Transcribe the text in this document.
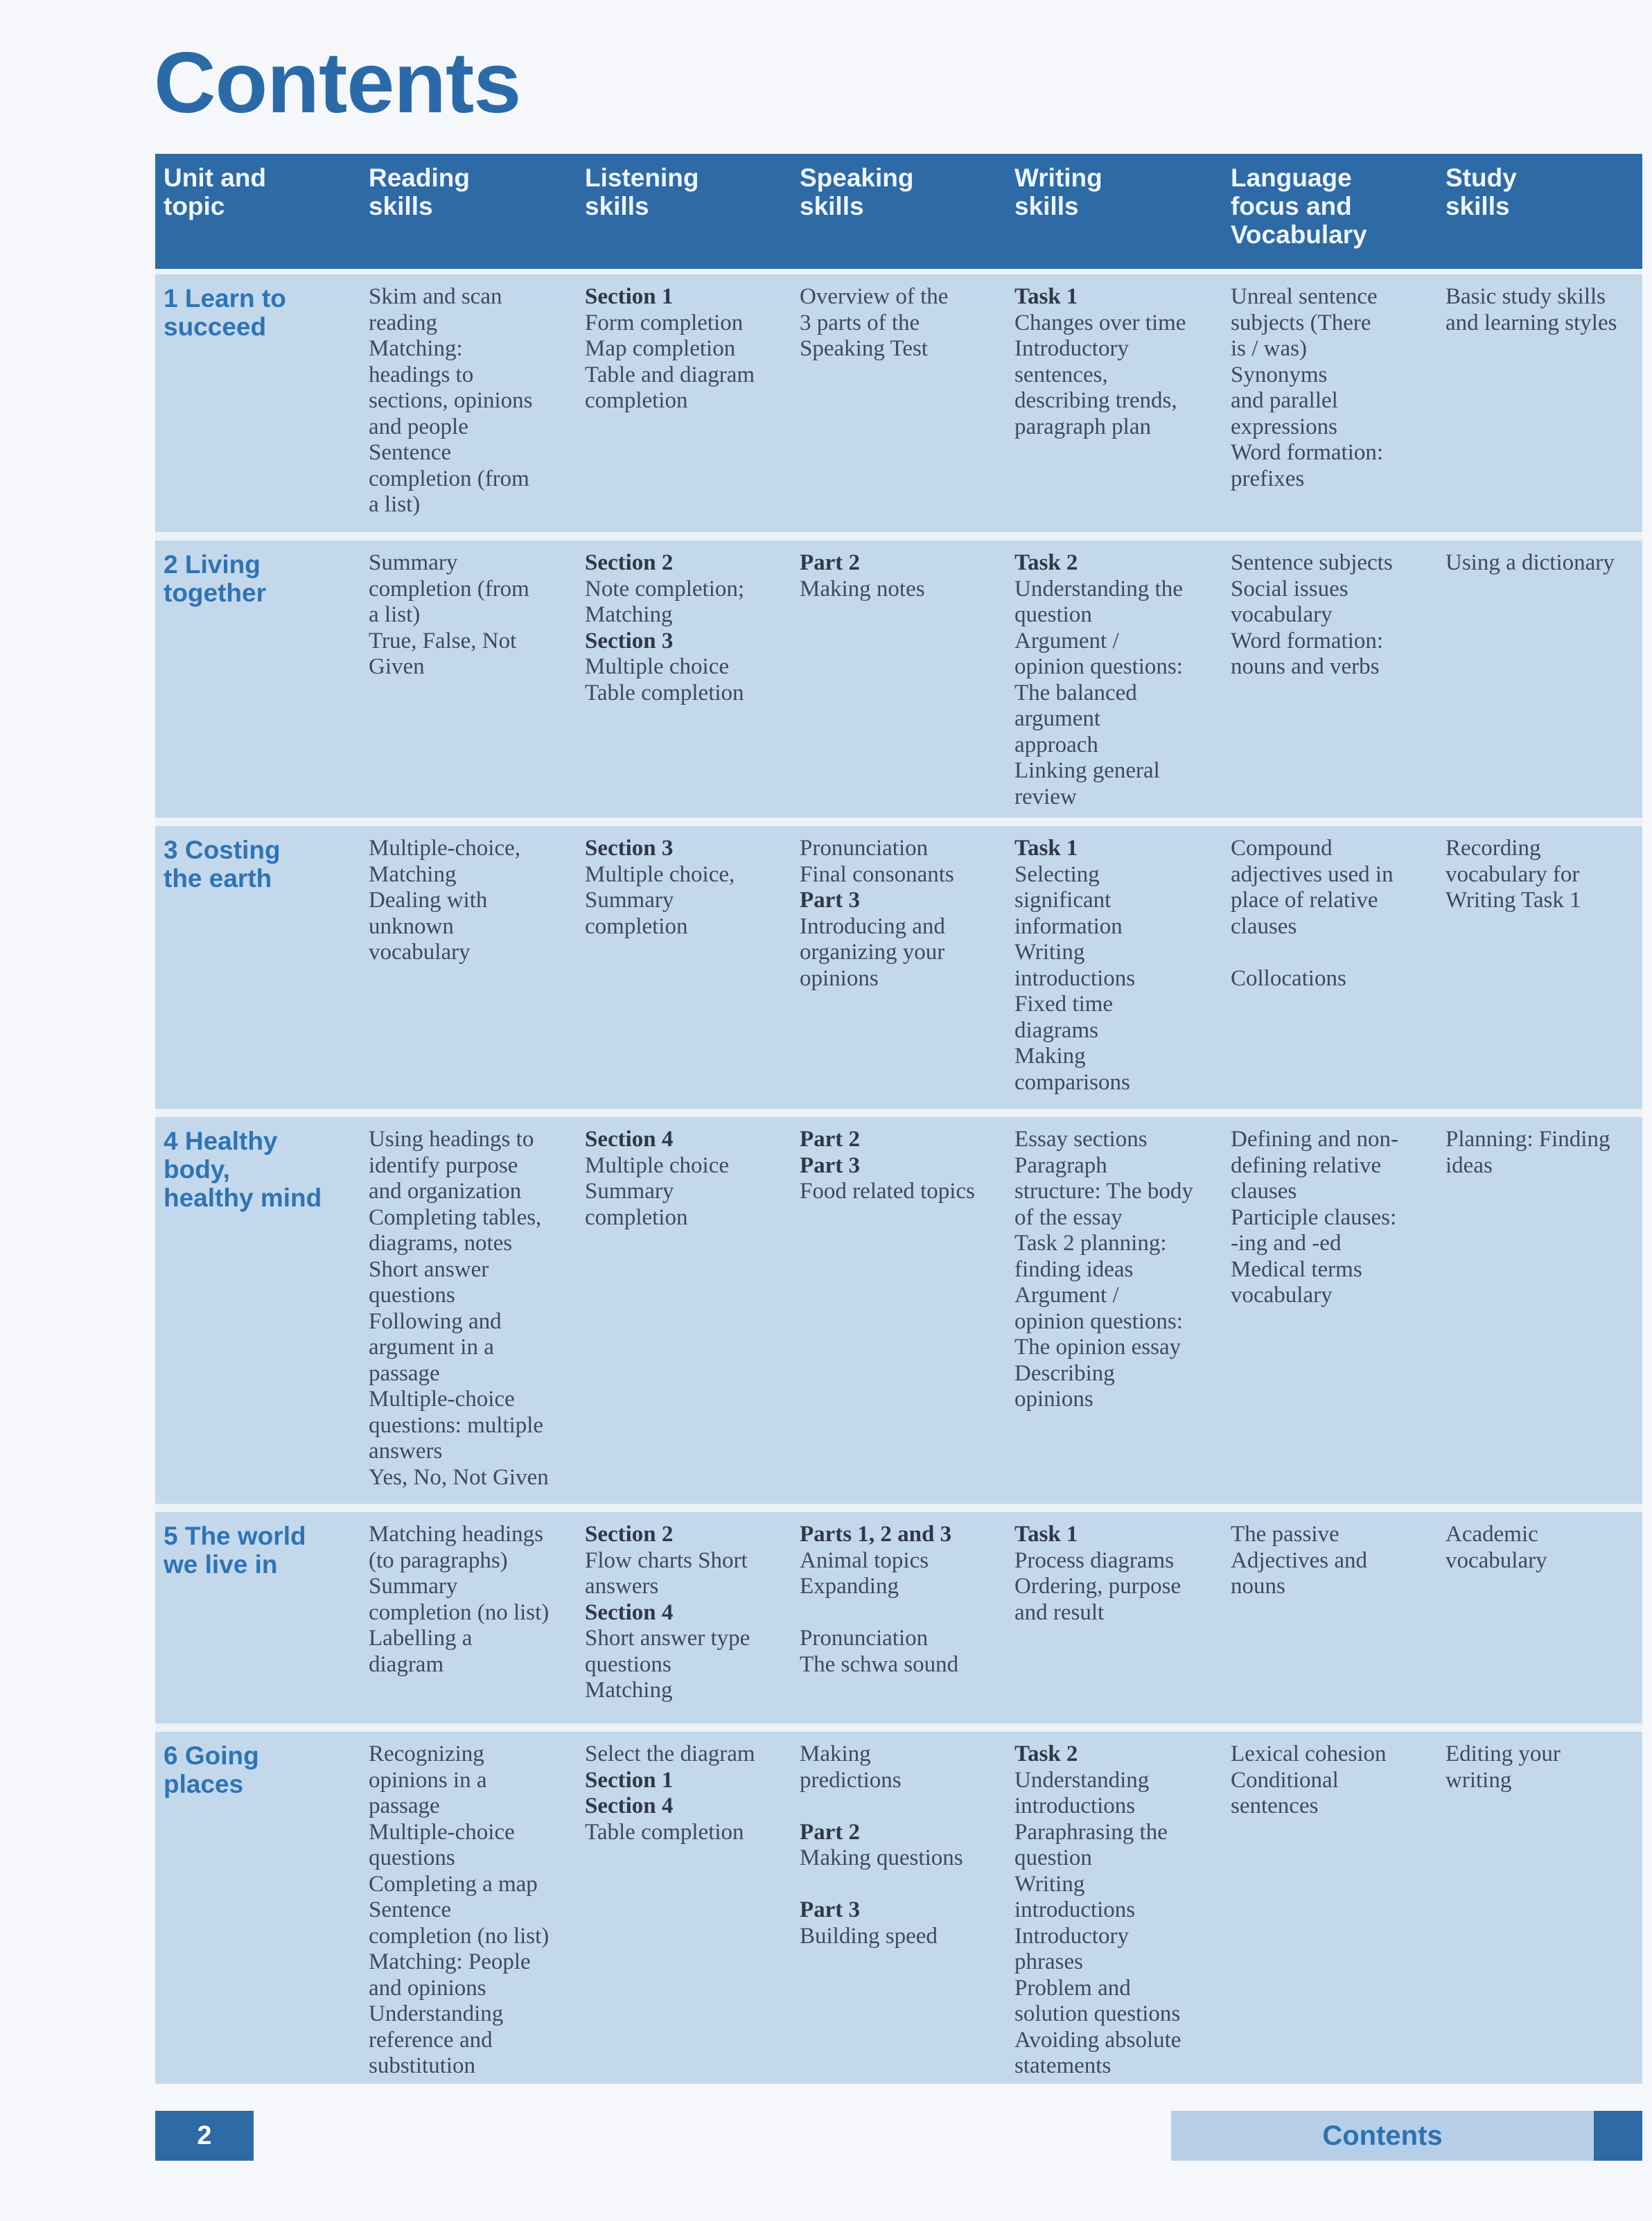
Contents
Unit and
topic
Reading
skills
Listening
skills
Speaking
skills
Writing
skills
Language
focus and
Vocabulary
Study
skills
1 Learn to
succeed
Skim and scan
reading
Matching:
headings to
sections, opinions
and people
Sentence
completion (from
a list)
Section 1
Form completion
Map completion
Table and diagram
completion
Overview of the
3 parts of the
Speaking Test
Task 1
Changes over time
Introductory
sentences,
describing trends,
paragraph plan
Unreal sentence
subjects (There
is / was)
Synonyms
and parallel
expressions
Word formation:
prefixes
Basic study skills
and learning styles
2 Living
together
Summary
completion (from
a list)
True, False, Not
Given
Section 2
Note completion;
Matching
Section 3
Multiple choice
Table completion
Part 2
Making notes
Task 2
Understanding the
question
Argument /
opinion questions:
The balanced
argument
approach
Linking general
review
Sentence subjects
Social issues
vocabulary
Word formation:
nouns and verbs
Using a dictionary
3 Costing
the earth
Multiple-choice,
Matching
Dealing with
unknown
vocabulary
Section 3
Multiple choice,
Summary
completion
Pronunciation
Final consonants
Part 3
Introducing and
organizing your
opinions
Task 1
Selecting
significant
information
Writing
introductions
Fixed time
diagrams
Making
comparisons
Compound
adjectives used in
place of relative
clauses
Collocations
Recording
vocabulary for
Writing Task 1
4 Healthy
body,
healthy mind
Using headings to
identify purpose
and organization
Completing tables,
diagrams, notes
Short answer
questions
Following and
argument in a
passage
Multiple-choice
questions: multiple
answers
Yes, No, Not Given
Section 4
Multiple choice
Summary
completion
Part 2
Part 3
Food related topics
Essay sections
Paragraph
structure: The body
of the essay
Task 2 planning:
finding ideas
Argument /
opinion questions:
The opinion essay
Describing
opinions
Defining and non-
defining relative
clauses
Participle clauses:
-ing and -ed
Medical terms
vocabulary
Planning: Finding
ideas
5 The world
we live in
Matching headings
(to paragraphs)
Summary
completion (no list)
Labelling a
diagram
Section 2
Flow charts Short
answers
Section 4
Short answer type
questions
Matching
Parts 1, 2 and 3
Animal topics
Expanding
Pronunciation
The schwa sound
Task 1
Process diagrams
Ordering, purpose
and result
The passive
Adjectives and
nouns
Academic
vocabulary
6 Going
places
Recognizing
opinions in a
passage
Multiple-choice
questions
Completing a map
Sentence
completion (no list)
Matching: People
and opinions
Understanding
reference and
substitution
Select the diagram
Section 1
Section 4
Table completion
Making
predictions
Part 2
Making questions
Part 3
Building speed
Task 2
Understanding
introductions
Paraphrasing the
question
Writing
introductions
Introductory
phrases
Problem and
solution questions
Avoiding absolute
statements
Lexical cohesion
Conditional
sentences
Editing your
writing
2	Contents
